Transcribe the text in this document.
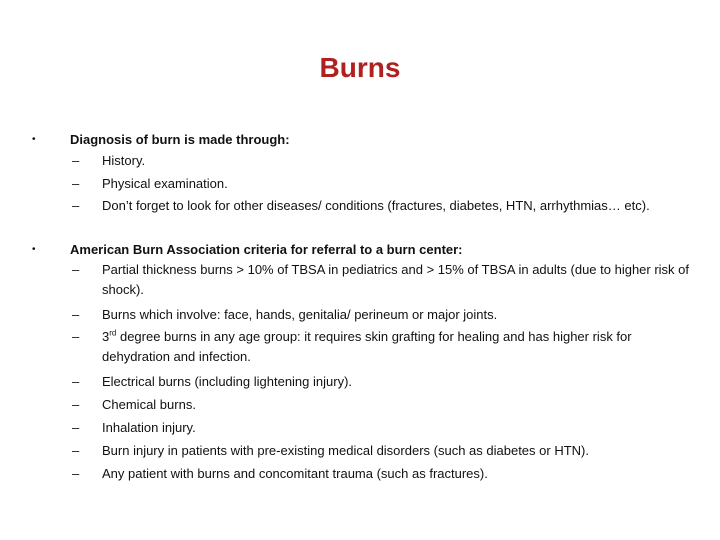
Burns
•	Diagnosis of burn is made through:
– History.
– Physical examination.
– Don’t forget to look for other diseases/ conditions (fractures, diabetes, HTN, arrhythmias… etc).
•	American Burn Association criteria for referral to a burn center:
– Partial thickness burns > 10% of TBSA in pediatrics and > 15% of TBSA in adults (due to higher risk of shock).
– Burns which involve: face, hands, genitalia/ perineum or major joints.
– 3rd degree burns in any age group: it requires skin grafting for healing and has higher risk for dehydration and infection.
– Electrical burns (including lightening injury).
– Chemical burns.
– Inhalation injury.
– Burn injury in patients with pre-existing medical disorders (such as diabetes or HTN).
– Any patient with burns and concomitant trauma (such as fractures).
